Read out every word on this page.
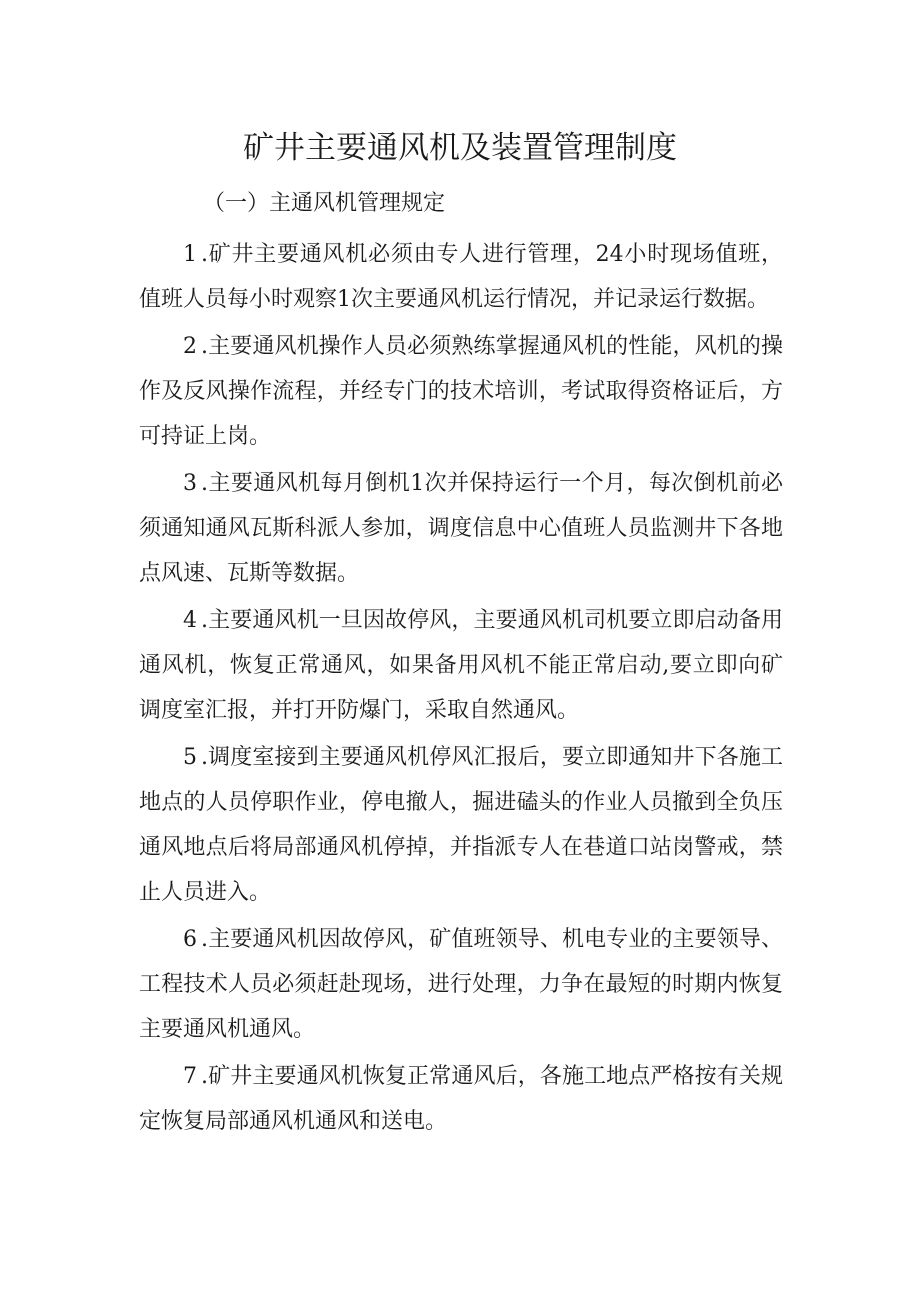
矿井主要通风机及装置管理制度

（一）主通风机管理规定

1 .矿井主要通风机必须由专人进行管理，24小时现场值班，值班人员每小时观察1次主要通风机运行情况，并记录运行数据。
2 .主要通风机操作人员必须熟练掌握通风机的性能，风机的操作及反风操作流程，并经专门的技术培训，考试取得资格证后，方可持证上岗。
3 .主要通风机每月倒机1次并保持运行一个月，每次倒机前必须通知通风瓦斯科派人参加，调度信息中心值班人员监测井下各地点风速、瓦斯等数据。
4 .主要通风机一旦因故停风，主要通风机司机要立即启动备用通风机，恢复正常通风，如果备用风机不能正常启动,要立即向矿调度室汇报，并打开防爆门，采取自然通风。
5 .调度室接到主要通风机停风汇报后，要立即通知井下各施工地点的人员停职作业，停电撤人，掘进磕头的作业人员撤到全负压通风地点后将局部通风机停掉，并指派专人在巷道口站岗警戒，禁止人员进入。
6 .主要通风机因故停风，矿值班领导、机电专业的主要领导、工程技术人员必须赶赴现场，进行处理，力争在最短的时期内恢复主要通风机通风。
7 .矿井主要通风机恢复正常通风后，各施工地点严格按有关规定恢复局部通风机通风和送电。
